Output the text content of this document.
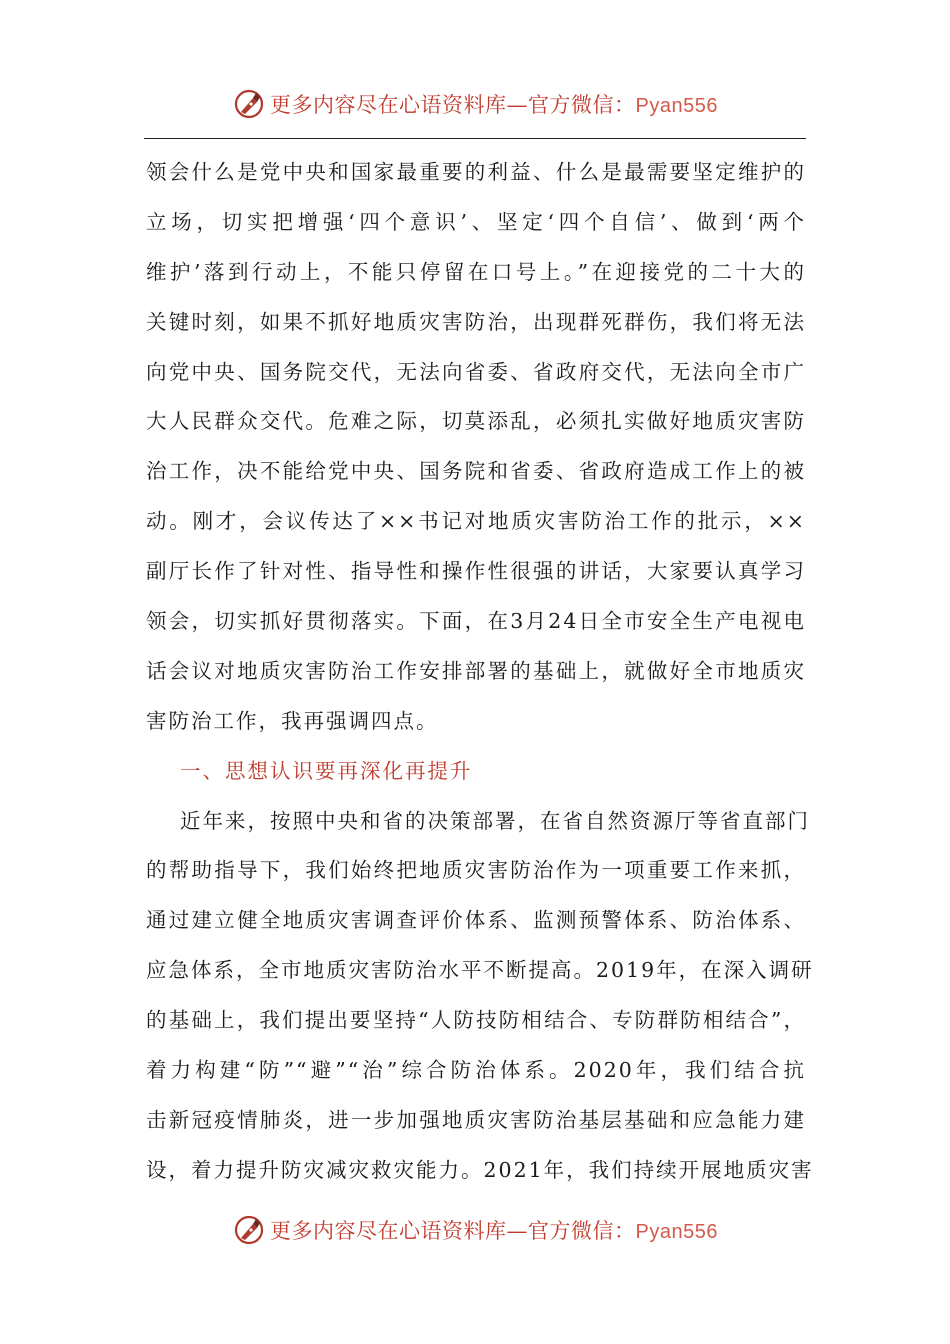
更多内容尽在心语资料库—官方微信：Pyan556
领会什么是党中央和国家最重要的利益、什么是最需要坚定维护的
立场，切实把增强‘四个意识’、坚定‘四个自信’、做到‘两个
维护’落到行动上，不能只停留在口号上。”在迎接党的二十大的
关键时刻，如果不抓好地质灾害防治，出现群死群伤，我们将无法
向党中央、国务院交代，无法向省委、省政府交代，无法向全市广
大人民群众交代。危难之际，切莫添乱，必须扎实做好地质灾害防
治工作，决不能给党中央、国务院和省委、省政府造成工作上的被
动。刚才，会议传达了××书记对地质灾害防治工作的批示，××
副厅长作了针对性、指导性和操作性很强的讲话，大家要认真学习
领会，切实抓好贯彻落实。下面，在3月24日全市安全生产电视电
话会议对地质灾害防治工作安排部署的基础上，就做好全市地质灾
害防治工作，我再强调四点。
一、思想认识要再深化再提升
近年来，按照中央和省的决策部署，在省自然资源厅等省直部门
的帮助指导下，我们始终把地质灾害防治作为一项重要工作来抓，
通过建立健全地质灾害调查评价体系、监测预警体系、防治体系、
应急体系，全市地质灾害防治水平不断提高。2019年，在深入调研
的基础上，我们提出要坚持“人防技防相结合、专防群防相结合”，
着力构建“防”“避”“治”综合防治体系。2020年，我们结合抗
击新冠疫情肺炎，进一步加强地质灾害防治基层基础和应急能力建
设，着力提升防灾减灾救灾能力。2021年，我们持续开展地质灾害
更多内容尽在心语资料库—官方微信：Pyan556
